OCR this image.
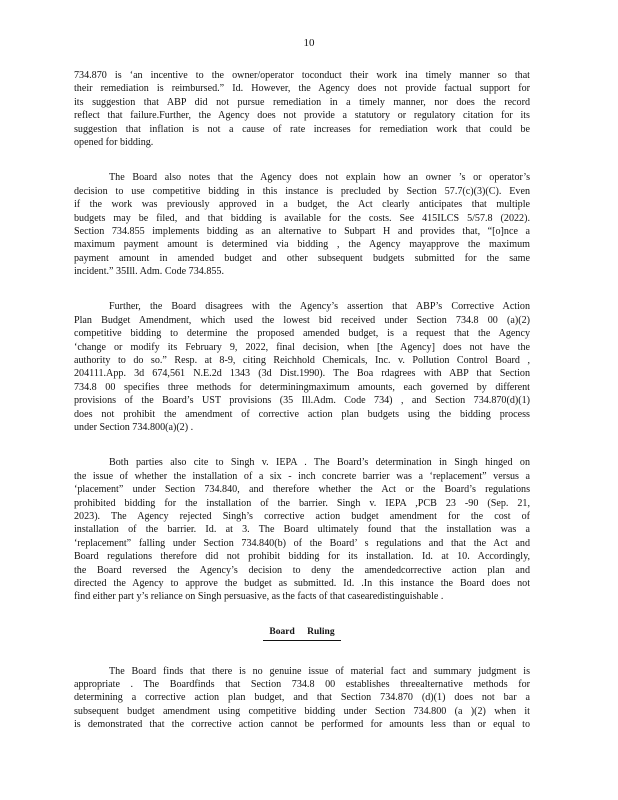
10
734.870 is ‘an incentive to the owner/operator toconduct their work ina timely manner so that
their remediation is reimbursed.” Id. However, the Agency does not provide factual support for
its suggestion that ABP did not pursue remediation in a timely manner, nor does the record
reflect that failure.Further, the Agency does not provide a statutory or regulatory citation for its
suggestion that inflation is not a cause of rate increases for remediation work that could be
opened for bidding.
The Board also notes that the Agency does not explain how an owner ’s or operator’s
decision to use competitive bidding in this instance is precluded by Section 57.7(c)(3)(C). Even
if the work was previously approved in a budget, the Act clearly anticipates that multiple
budgets may be filed, and that bidding is available for the costs. See 415ILCS 5/57.8 (2022).
Section 734.855 implements bidding as an alternative to Subpart H and provides that, “[o]nce a
maximum payment amount is determined via bidding , the Agency mayapprove the maximum
payment amount in amended budget and other subsequent budgets submitted for the same
incident.” 35Ill. Adm. Code 734.855.
Further, the Board disagrees with the Agency’s assertion that ABP’s Corrective Action
Plan Budget Amendment, which used the lowest bid received under Section 734.8 00 (a)(2)
competitive bidding to determine the proposed amended budget, is a request that the Agency
‘change or modify its February 9, 2022, final decision, when [the Agency] does not have the
authority to do so.” Resp. at 8-9, citing Reichhold Chemicals, Inc. v. Pollution Control Board ,
204111.App. 3d 674,561 N.E.2d 1343 (3d Dist.1990). The Boa rdagrees with ABP that Section
734.8 00 specifies three methods for determiningmaximum amounts, each governed by different
provisions of the Board’s UST provisions (35 Ill.Adm. Code 734) , and Section 734.870(d)(1)
does not prohibit the amendment of corrective action plan budgets using the bidding process
under Section 734.800(a)(2) .
Both parties also cite to Singh v. IEPA . The Board’s determination in Singh hinged on
the issue of whether the installation of a six - inch concrete barrier was a ‘replacement” versus a
‘placement” under Section 734.840, and therefore whether the Act or the Board’s regulations
prohibited bidding for the installation of the barrier. Singh v. IEPA ,PCB 23 -90 (Sep. 21,
2023). The Agency rejected Singh’s corrective action budget amendment for the cost of
installation of the barrier. Id. at 3. The Board ultimately found that the installation was a
‘replacement” falling under Section 734.840(b) of the Board’ s regulations and that the Act and
Board regulations therefore did not prohibit bidding for its installation. Id. at 10. Accordingly,
the Board reversed the Agency’s decision to deny the amendedcorrective action plan and
directed the Agency to approve the budget as submitted. Id. .In this instance the Board does not
find either part y’s reliance on Singh persuasive, as the facts of that casearedistinguishable .
Board Ruling
The Board finds that there is no genuine issue of material fact and summary judgment is
appropriate . The Boardfinds that Section 734.8 00 establishes threealternative methods for
determining a corrective action plan budget, and that Section 734.870 (d)(1) does not bar a
subsequent budget amendment using competitive bidding under Section 734.800 (a )(2) when it
is demonstrated that the corrective action cannot be performed for amounts less than or equal to
